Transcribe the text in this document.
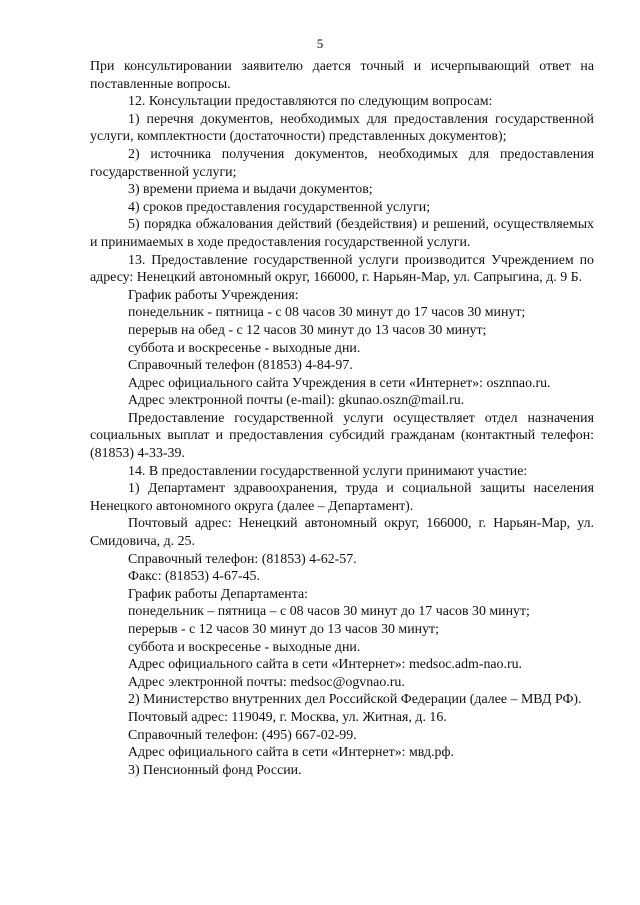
5

При консультировании заявителю дается точный и исчерпывающий ответ на поставленные вопросы.

12. Консультации предоставляются по следующим вопросам:

1) перечня документов, необходимых для предоставления государственной услуги, комплектности (достаточности) представленных документов);

2) источника получения документов, необходимых для предоставления государственной услуги;

3) времени приема и выдачи документов;

4) сроков предоставления государственной услуги;

5) порядка обжалования действий (бездействия) и решений, осуществляемых и принимаемых в ходе предоставления государственной услуги.

13. Предоставление государственной услуги производится Учреждением по адресу: Ненецкий автономный округ, 166000, г. Нарьян-Мар, ул. Сапрыгина, д. 9 Б.

График работы Учреждения:

понедельник - пятница - с 08 часов 30 минут до 17 часов 30 минут;

перерыв на обед - с 12 часов 30 минут до 13 часов 30 минут;

суббота и воскресенье - выходные дни.

Справочный телефон (81853) 4-84-97.

Адрес официального сайта Учреждения в сети «Интернет»: osznnao.ru.

Адрес электронной почты (e-mail): gkunao.oszn@mail.ru.

Предоставление государственной услуги осуществляет отдел назначения социальных выплат и предоставления субсидий гражданам (контактный телефон: (81853) 4-33-39.

14. В предоставлении государственной услуги принимают участие:

1) Департамент здравоохранения, труда и социальной защиты населения Ненецкого автономного округа (далее – Департамент).

Почтовый адрес: Ненецкий автономный округ, 166000, г. Нарьян-Мар, ул. Смидовича, д. 25.

Справочный телефон: (81853) 4-62-57.

Факс: (81853) 4-67-45.

График работы Департамента:

понедельник – пятница – с 08 часов 30 минут до 17 часов 30 минут;

перерыв - с 12 часов 30 минут до 13 часов 30 минут;

суббота и воскресенье - выходные дни.

Адрес официального сайта в сети «Интернет»: medsoc.adm-nao.ru.

Адрес электронной почты: medsoc@ogvnao.ru.

2) Министерство внутренних дел Российской Федерации (далее – МВД РФ).

Почтовый адрес: 119049, г. Москва, ул. Житная, д. 16.

Справочный телефон: (495) 667-02-99.

Адрес официального сайта в сети «Интернет»: мвд.рф.

3) Пенсионный фонд России.
